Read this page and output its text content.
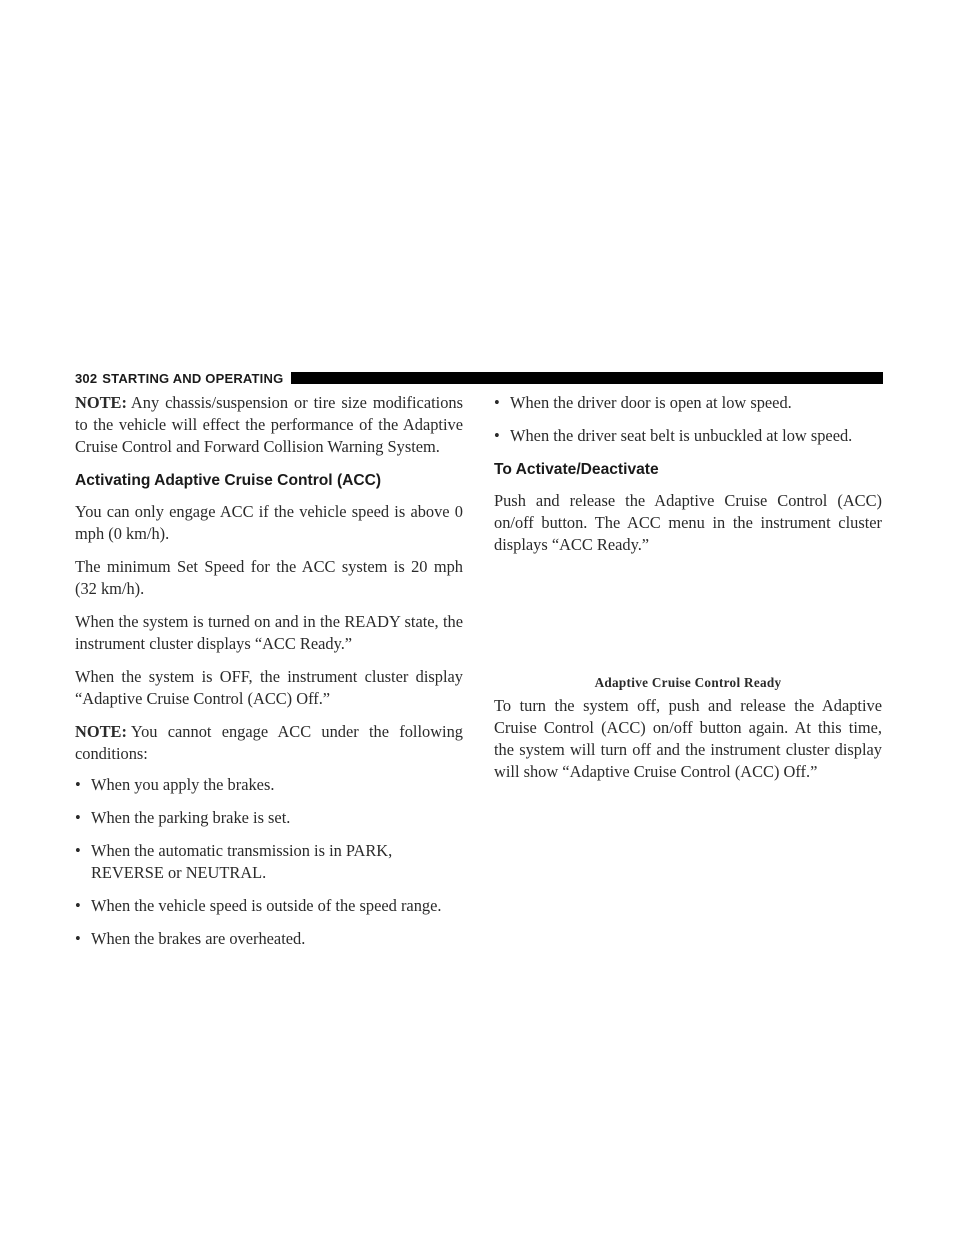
302 STARTING AND OPERATING

NOTE: Any chassis/suspension or tire size modifications to the vehicle will effect the performance of the Adaptive Cruise Control and Forward Collision Warning System.

Activating Adaptive Cruise Control (ACC)

You can only engage ACC if the vehicle speed is above 0 mph (0 km/h).

The minimum Set Speed for the ACC system is 20 mph (32 km/h).

When the system is turned on and in the READY state, the instrument cluster displays “ACC Ready.”

When the system is OFF, the instrument cluster display “Adaptive Cruise Control (ACC) Off.”

NOTE: You cannot engage ACC under the following conditions:

• When you apply the brakes.
• When the parking brake is set.
• When the automatic transmission is in PARK, REVERSE or NEUTRAL.
• When the vehicle speed is outside of the speed range.
• When the brakes are overheated.
• When the driver door is open at low speed.
• When the driver seat belt is unbuckled at low speed.
To Activate/Deactivate

Push and release the Adaptive Cruise Control (ACC) on/off button. The ACC menu in the instrument cluster displays “ACC Ready.”

Adaptive Cruise Control Ready

To turn the system off, push and release the Adaptive Cruise Control (ACC) on/off button again. At this time, the system will turn off and the instrument cluster display will show “Adaptive Cruise Control (ACC) Off.”
